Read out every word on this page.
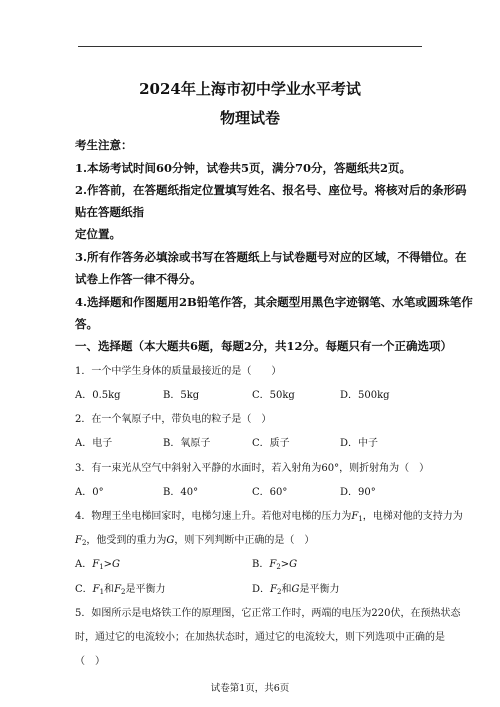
2024年上海市初中学业水平考试
物理试卷
考生注意：
1.本场考试时间60分钟，试卷共5页，满分70分，答题纸共2页。
2.作答前，在答题纸指定位置填写姓名、报名号、座位号。将核对后的条形码
贴在答题纸指
定位置。
3.所有作答务必填涂或书写在答题纸上与试卷题号对应的区域，不得错位。在
试卷上作答一律不得分。
4.选择题和作图题用2B铅笔作答，其余题型用黑色字迹钢笔、水笔或圆珠笔作
答。
一、选择题（本大题共6题，每题2分，共12分。每题只有一个正确选项）
1．一个中学生身体的质量最接近的是（　　）
A．0.5kg	B．5kg	C．50kg	D．500kg
2．在一个氧原子中，带负电的粒子是（　）
A．电子	B．氧原子	C．质子	D．中子
3．有一束光从空气中斜射入平静的水面时，若入射角为60°，则折射角为（　）
A．0°	B．40°	C．60°	D．90°
4．物理王坐电梯回家时，电梯匀速上升。若他对电梯的压力为$F_1$，电梯对他的支持力为
$F_2$，他受到的重力为G，则下列判断中正确的是（　）
A．$F_1>G$	B．$F_2>G$
C．$F_1$和$F_2$是平衡力	D．$F_2$和G是平衡力
5．如图所示是电烙铁工作的原理图，它正常工作时，两端的电压为220伏，在预热状态
时，通过它的电流较小；在加热状态时，通过它的电流较大，则下列选项中正确的是
（　）
试卷第1页，共6页
